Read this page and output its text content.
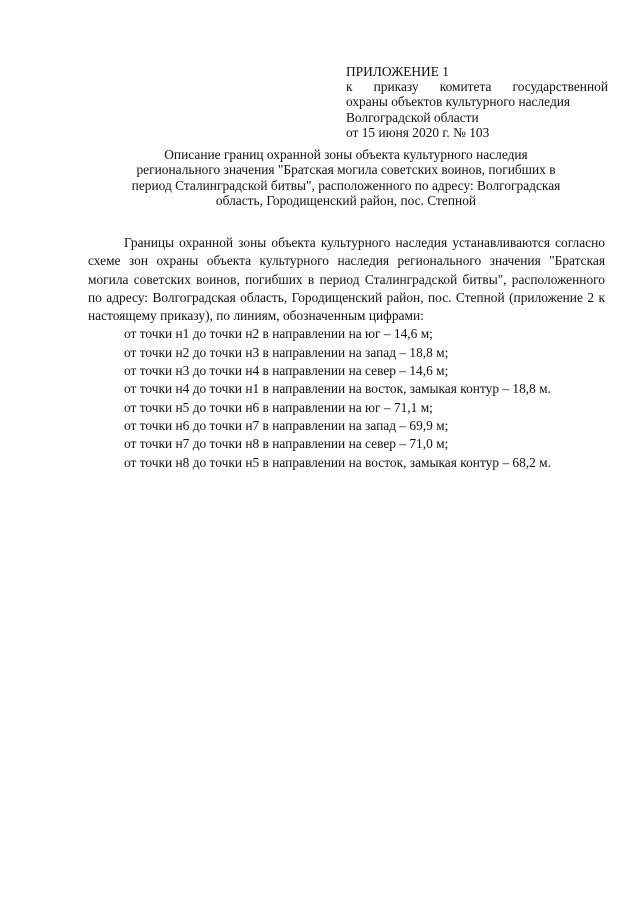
ПРИЛОЖЕНИЕ 1
к приказу комитета государственной
охраны объектов культурного наследия
Волгоградской области
от 15 июня 2020 г. № 103
Описание границ охранной зоны объекта культурного наследия
регионального значения "Братская могила советских воинов, погибших в
период Сталинградской битвы", расположенного по адресу: Волгоградская
область, Городищенский район, пос. Степной

Границы охранной зоны объекта культурного наследия устанавливаются согласно схеме зон охраны объекта культурного наследия регионального значения "Братская могила советских воинов, погибших в период Сталинградской битвы", расположенного по адресу: Волгоградская область, Городищенский район, пос. Степной (приложение 2 к настоящему приказу), по линиям, обозначенным цифрами:

от точки н1 до точки н2 в направлении на юг – 14,6 м;

от точки н2 до точки н3 в направлении на запад – 18,8 м;

от точки н3 до точки н4 в направлении на север – 14,6 м;

от точки н4 до точки н1 в направлении на восток, замыкая контур – 18,8 м.

от точки н5 до точки н6 в направлении на юг – 71,1 м;

от точки н6 до точки н7 в направлении на запад – 69,9 м;

от точки н7 до точки н8 в направлении на север – 71,0 м;

от точки н8 до точки н5 в направлении на восток, замыкая контур – 68,2 м.
